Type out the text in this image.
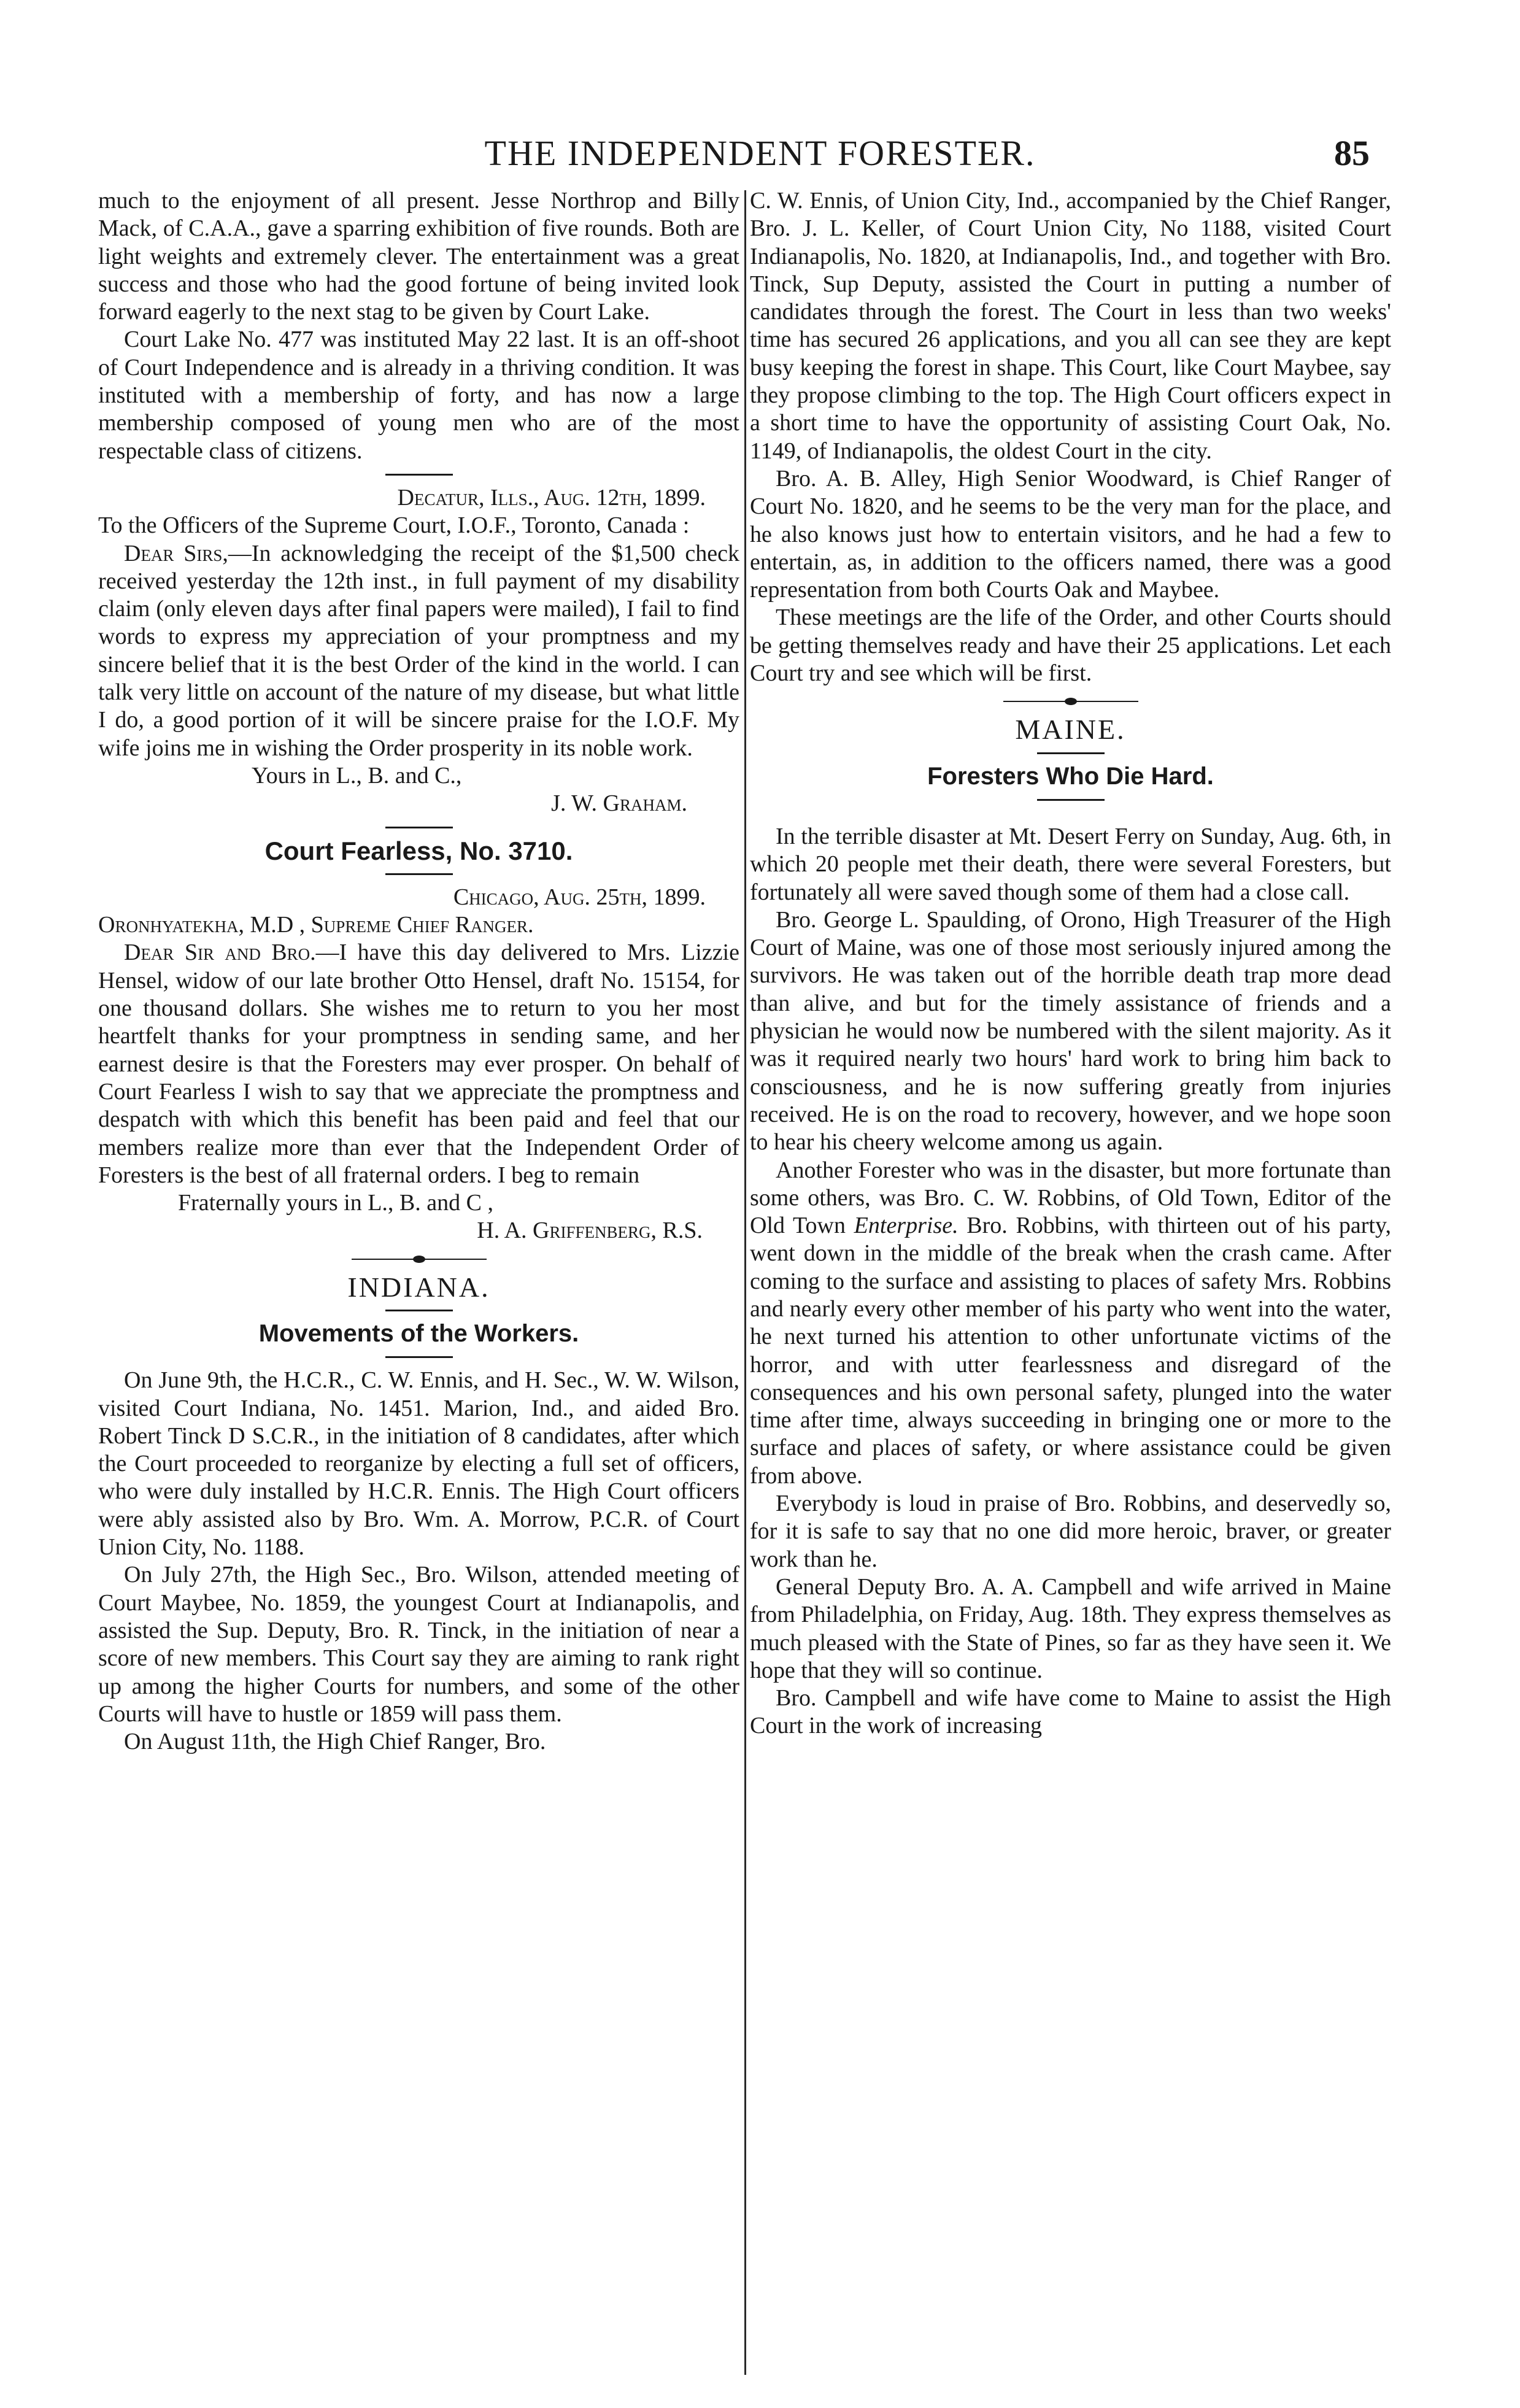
THE INDEPENDENT FORESTER.	85

much to the enjoyment of all present. Jesse Northrop and Billy Mack, of C.A.A., gave a sparring exhibition of five rounds. Both are light weights and extremely clever. The entertainment was a great success and those who had the good fortune of being invited look forward eagerly to the next stag to be given by Court Lake.

Court Lake No. 477 was instituted May 22 last. It is an off-shoot of Court Independence and is already in a thriving condition. It was instituted with a membership of forty, and has now a large membership composed of young men who are of the most respectable class of citizens.

Decatur, Ills., Aug. 12th, 1899.

To the Officers of the Supreme Court, I.O.F., Toronto, Canada :

Dear Sirs,—In acknowledging the receipt of the $1,500 check received yesterday the 12th inst., in full payment of my disability claim (only eleven days after final papers were mailed), I fail to find words to express my appreciation of your promptness and my sincere belief that it is the best Order of the kind in the world. I can talk very little on account of the nature of my disease, but what little I do, a good portion of it will be sincere praise for the I.O.F. My wife joins me in wishing the Order prosperity in its noble work.

Yours in L., B. and C.,

J. W. Graham.

Court Fearless, No. 3710.

Chicago, Aug. 25th, 1899.

Oronhyatekha, M.D , Supreme Chief Ranger.

Dear Sir and Bro.—I have this day delivered to Mrs. Lizzie Hensel, widow of our late brother Otto Hensel, draft No. 15154, for one thousand dollars. She wishes me to return to you her most heartfelt thanks for your promptness in sending same, and her earnest desire is that the Foresters may ever prosper. On behalf of Court Fearless I wish to say that we appreciate the promptness and despatch with which this benefit has been paid and feel that our members realize more than ever that the Independent Order of Foresters is the best of all fraternal orders. I beg to remain

Fraternally yours in L., B. and C ,

H. A. Griffenberg, R.S.

INDIANA.
Movements of the Workers.

On June 9th, the H.C.R., C. W. Ennis, and H. Sec., W. W. Wilson, visited Court Indiana, No. 1451. Marion, Ind., and aided Bro. Robert Tinck D S.C.R., in the initiation of 8 candidates, after which the Court proceeded to reorganize by electing a full set of officers, who were duly installed by H.C.R. Ennis. The High Court officers were ably assisted also by Bro. Wm. A. Morrow, P.C.R. of Court Union City, No. 1188.

On July 27th, the High Sec., Bro. Wilson, attended meeting of Court Maybee, No. 1859, the youngest Court at Indianapolis, and assisted the Sup. Deputy, Bro. R. Tinck, in the initiation of near a score of new members. This Court say they are aiming to rank right up among the higher Courts for numbers, and some of the other Courts will have to hustle or 1859 will pass them.

On August 11th, the High Chief Ranger, Bro.

C. W. Ennis, of Union City, Ind., accompanied by the Chief Ranger, Bro. J. L. Keller, of Court Union City, No 1188, visited Court Indianapolis, No. 1820, at Indianapolis, Ind., and together with Bro. Tinck, Sup Deputy, assisted the Court in putting a number of candidates through the forest. The Court in less than two weeks' time has secured 26 applications, and you all can see they are kept busy keeping the forest in shape. This Court, like Court Maybee, say they propose climbing to the top. The High Court officers expect in a short time to have the opportunity of assisting Court Oak, No. 1149, of Indianapolis, the oldest Court in the city.

Bro. A. B. Alley, High Senior Woodward, is Chief Ranger of Court No. 1820, and he seems to be the very man for the place, and he also knows just how to entertain visitors, and he had a few to entertain, as, in addition to the officers named, there was a good representation from both Courts Oak and Maybee.

These meetings are the life of the Order, and other Courts should be getting themselves ready and have their 25 applications. Let each Court try and see which will be first.

MAINE.
Foresters Who Die Hard.

In the terrible disaster at Mt. Desert Ferry on Sunday, Aug. 6th, in which 20 people met their death, there were several Foresters, but fortunately all were saved though some of them had a close call.

Bro. George L. Spaulding, of Orono, High Treasurer of the High Court of Maine, was one of those most seriously injured among the survivors. He was taken out of the horrible death trap more dead than alive, and but for the timely assistance of friends and a physician he would now be numbered with the silent majority. As it was it required nearly two hours' hard work to bring him back to consciousness, and he is now suffering greatly from injuries received. He is on the road to recovery, however, and we hope soon to hear his cheery welcome among us again.

Another Forester who was in the disaster, but more fortunate than some others, was Bro. C. W. Robbins, of Old Town, Editor of the Old Town Enterprise. Bro. Robbins, with thirteen out of his party, went down in the middle of the break when the crash came. After coming to the surface and assisting to places of safety Mrs. Robbins and nearly every other member of his party who went into the water, he next turned his attention to other unfortunate victims of the horror, and with utter fearlessness and disregard of the consequences and his own personal safety, plunged into the water time after time, always succeeding in bringing one or more to the surface and places of safety, or where assistance could be given from above.

Everybody is loud in praise of Bro. Robbins, and deservedly so, for it is safe to say that no one did more heroic, braver, or greater work than he.

General Deputy Bro. A. A. Campbell and wife arrived in Maine from Philadelphia, on Friday, Aug. 18th. They express themselves as much pleased with the State of Pines, so far as they have seen it. We hope that they will so continue.

Bro. Campbell and wife have come to Maine to assist the High Court in the work of increasing
